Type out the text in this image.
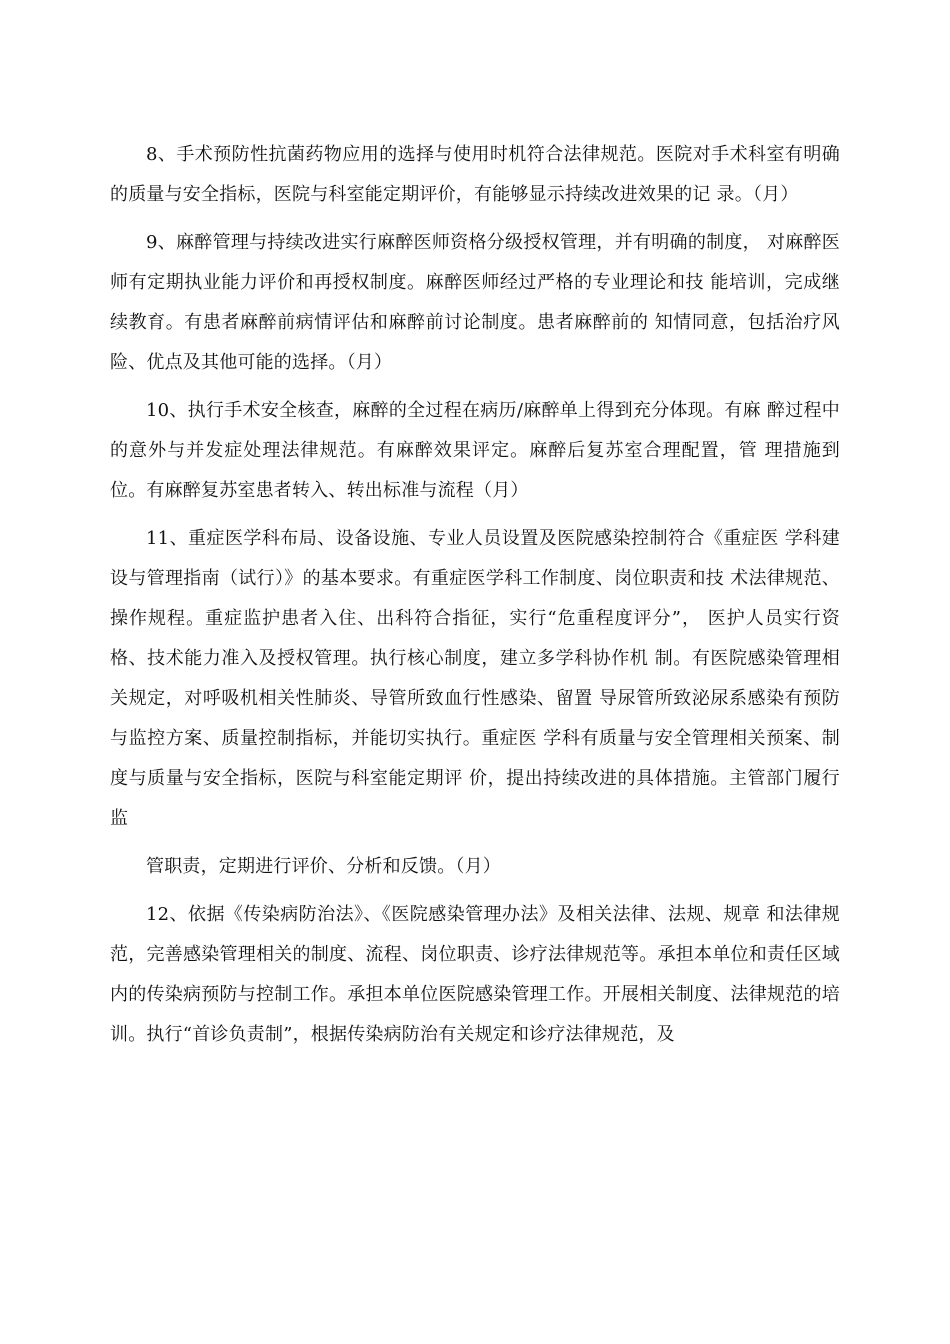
8、手术预防性抗菌药物应用的选择与使用时机符合法律规范。医院对手术科室有明确的质量与安全指标，医院与科室能定期评价，有能够显示持续改进效果的记 录。（月）

9、麻醉管理与持续改进实行麻醉医师资格分级授权管理，并有明确的制度， 对麻醉医师有定期执业能力评价和再授权制度。麻醉医师经过严格的专业理论和技 能培训，完成继续教育。有患者麻醉前病情评估和麻醉前讨论制度。患者麻醉前的 知情同意，包括治疗风险、优点及其他可能的选择。（月）

10、执行手术安全核查，麻醉的全过程在病历/麻醉单上得到充分体现。有麻 醉过程中的意外与并发症处理法律规范。有麻醉效果评定。麻醉后复苏室合理配置，管 理措施到位。有麻醉复苏室患者转入、转出标准与流程（月）

11、重症医学科布局、设备设施、专业人员设置及医院感染控制符合《重症医 学科建设与管理指南（试行）》的基本要求。有重症医学科工作制度、岗位职责和技 术法律规范、操作规程。重症监护患者入住、出科符合指征，实行“危重程度评分”， 医护人员实行资格、技术能力准入及授权管理。执行核心制度，建立多学科协作机 制。有医院感染管理相关规定，对呼吸机相关性肺炎、导管所致血行性感染、留置 导尿管所致泌尿系感染有预防与监控方案、质量控制指标，并能切实执行。重症医 学科有质量与安全管理相关预案、制度与质量与安全指标，医院与科室能定期评 价，提出持续改进的具体措施。主管部门履行监

管职责，定期进行评价、分析和反馈。（月）

12、依据《传染病防治法》、《医院感染管理办法》及相关法律、法规、规章 和法律规范，完善感染管理相关的制度、流程、岗位职责、诊疗法律规范等。承担本单位和责任区域内的传染病预防与控制工作。承担本单位医院感染管理工作。开展相关制度、法律规范的培训。执行“首诊负责制”，根据传染病防治有关规定和诊疗法律规范，及
